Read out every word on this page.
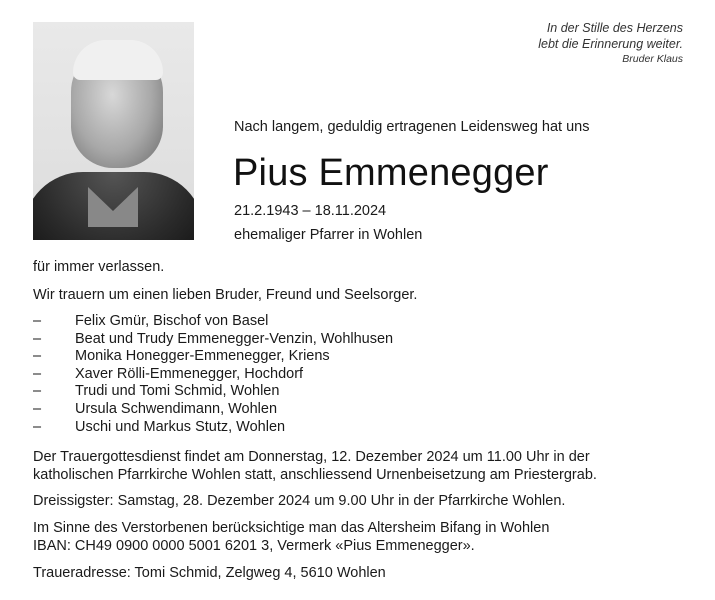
In der Stille des Herzens
lebt die Erinnerung weiter.
Bruder Klaus
Nach langem, geduldig ertragenen Leidensweg hat uns
Pius Emmenegger
21.2.1943 – 18.11.2024
ehemaliger Pfarrer in Wohlen
für immer verlassen.
Wir trauern um einen lieben Bruder, Freund und Seelsorger.
–	Felix Gmür, Bischof von Basel
–	Beat und Trudy Emmenegger-Venzin, Wohlhusen
–	Monika Honegger-Emmenegger, Kriens
–	Xaver Rölli-Emmenegger, Hochdorf
–	Trudi und Tomi Schmid, Wohlen
–	Ursula Schwendimann, Wohlen
–	Uschi und Markus Stutz, Wohlen
Der Trauergottesdienst findet am Donnerstag, 12. Dezember 2024 um 11.00 Uhr in der
katholischen Pfarrkirche Wohlen statt, anschliessend Urnenbeisetzung am Priestergrab.
Dreissigster: Samstag, 28. Dezember 2024 um 9.00 Uhr in der Pfarrkirche Wohlen.
Im Sinne des Verstorbenen berücksichtige man das Altersheim Bifang in Wohlen
IBAN: CH49 0900 0000 5001 6201 3, Vermerk «Pius Emmenegger».
Traueradresse: Tomi Schmid, Zelgweg 4, 5610 Wohlen
